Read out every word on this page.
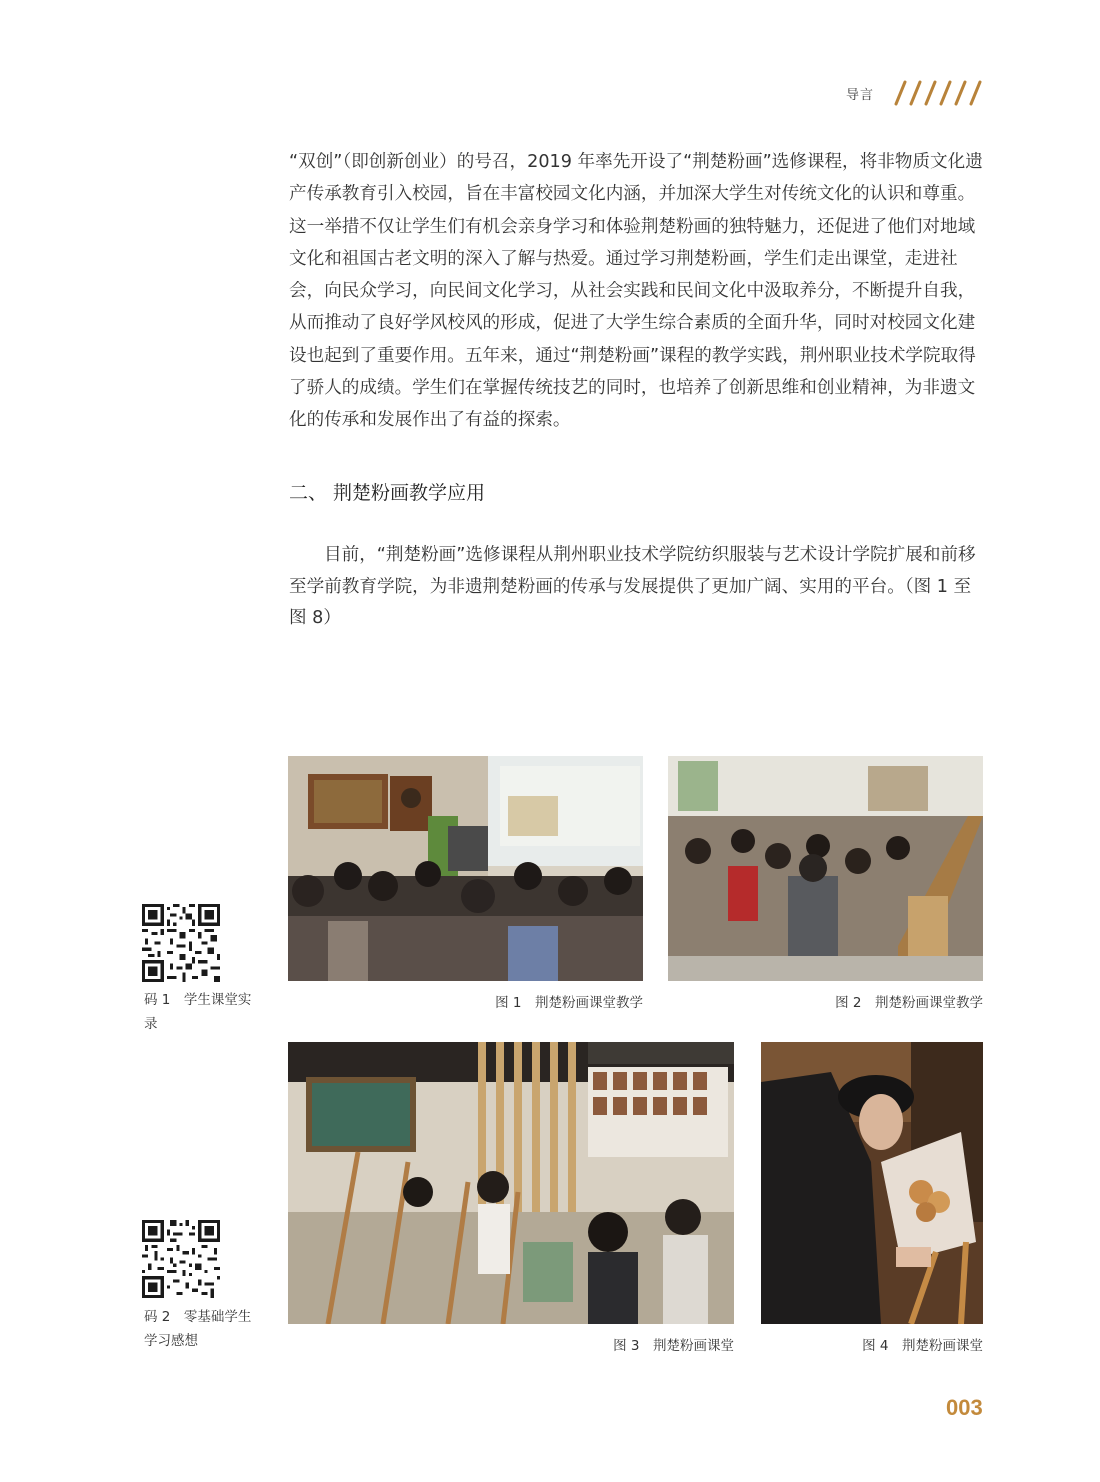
导言

“双创”（即创新创业）的号召，2019 年率先开设了“荆楚粉画”选修课程，将非物质文化遗产传承教育引入校园，旨在丰富校园文化内涵，并加深大学生对传统文化的认识和尊重。这一举措不仅让学生们有机会亲身学习和体验荆楚粉画的独特魅力，还促进了他们对地域文化和祖国古老文明的深入了解与热爱。通过学习荆楚粉画，学生们走出课堂，走进社会，向民众学习，向民间文化学习，从社会实践和民间文化中汲取养分，不断提升自我，从而推动了良好学风校风的形成，促进了大学生综合素质的全面升华，同时对校园文化建设也起到了重要作用。五年来，通过“荆楚粉画”课程的教学实践，荆州职业技术学院取得了骄人的成绩。学生们在掌握传统技艺的同时，也培养了创新思维和创业精神，为非遗文化的传承和发展作出了有益的探索。

二、 荆楚粉画教学应用

目前，“荆楚粉画”选修课程从荆州职业技术学院纺织服装与艺术设计学院扩展和前移至学前教育学院，为非遗荆楚粉画的传承与发展提供了更加广阔、实用的平台。（图 1 至图 8）

图 1　荆楚粉画课堂教学	图 2　荆楚粉画课堂教学
图 3　荆楚粉画课堂	图 4　荆楚粉画课堂
码 1　学生课堂实录
码 2　零基础学生学习感想
003
